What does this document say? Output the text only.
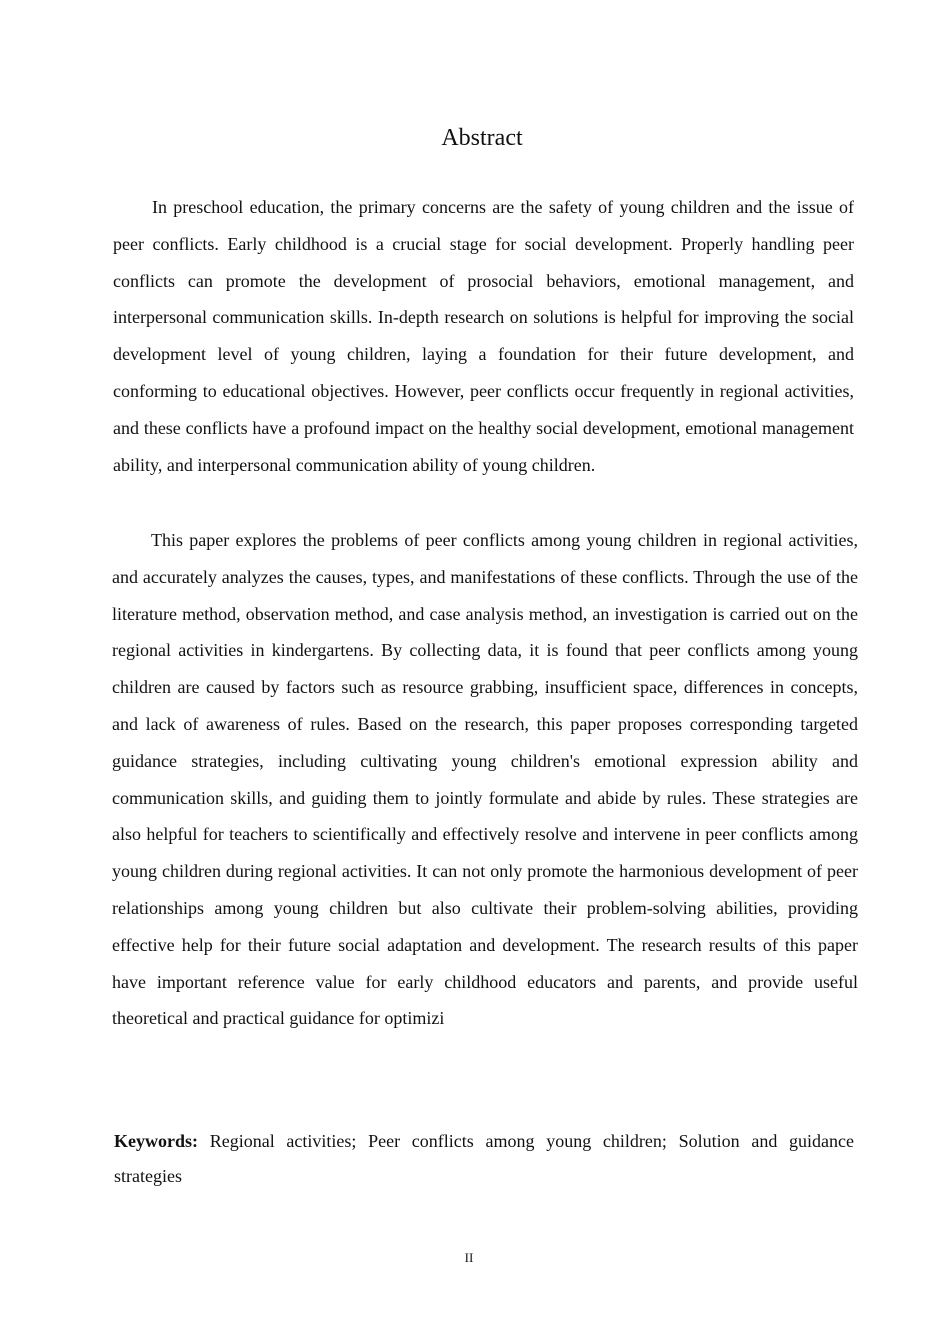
Abstract

In preschool education, the primary concerns are the safety of young children and the issue of peer conflicts. Early childhood is a crucial stage for social development. Properly handling peer conflicts can promote the development of prosocial behaviors, emotional management, and interpersonal communication skills. In-depth research on solutions is helpful for improving the social development level of young children, laying a foundation for their future development, and conforming to educational objectives. However, peer conflicts occur frequently in regional activities, and these conflicts have a profound impact on the healthy social development, emotional management ability, and interpersonal communication ability of young children.

This paper explores the problems of peer conflicts among young children in regional activities, and accurately analyzes the causes, types, and manifestations of these conflicts. Through the use of the literature method, observation method, and case analysis method, an investigation is carried out on the regional activities in kindergartens. By collecting data, it is found that peer conflicts among young children are caused by factors such as resource grabbing, insufficient space, differences in concepts, and lack of awareness of rules. Based on the research, this paper proposes corresponding targeted guidance strategies, including cultivating young children's emotional expression ability and communication skills, and guiding them to jointly formulate and abide by rules. These strategies are also helpful for teachers to scientifically and effectively resolve and intervene in peer conflicts among young children during regional activities. It can not only promote the harmonious development of peer relationships among young children but also cultivate their problem-solving abilities, providing effective help for their future social adaptation and development. The research results of this paper have important reference value for early childhood educators and parents, and provide useful theoretical and practical guidance for optimizi

Keywords: Regional activities; Peer conflicts among young children; Solution and guidance strategies

II
